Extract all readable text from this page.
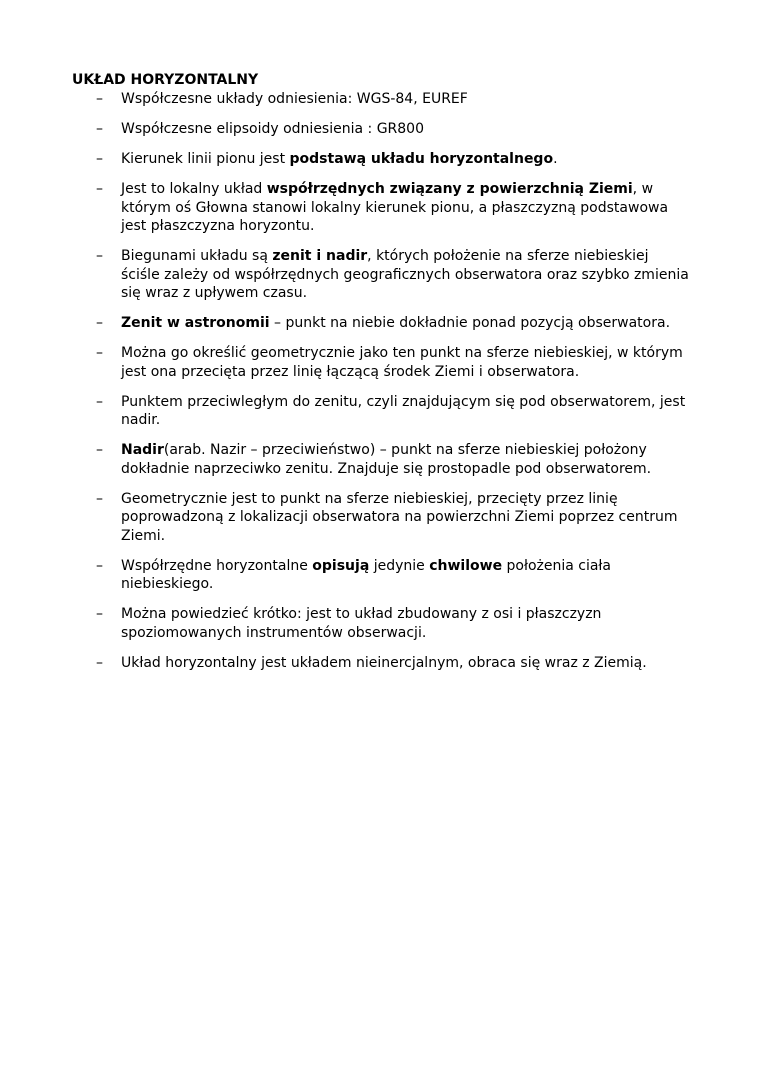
UKŁAD HORYZONTALNY
– Współczesne układy odniesienia: WGS-84, EUREF
– Współczesne elipsoidy odniesienia : GR800
– Kierunek linii pionu jest podstawą układu horyzontalnego.
– Jest to lokalny układ współrzędnych związany z powierzchnią Ziemi, w którym oś Głowna stanowi lokalny kierunek pionu, a płaszczyzną podstawowa jest płaszczyzna horyzontu.
– Biegunami układu są zenit i nadir, których położenie na sferze niebieskiej ściśle zależy od współrzędnych geograficznych obserwatora oraz szybko zmienia się wraz z upływem czasu.
– Zenit w astronomii – punkt na niebie dokładnie ponad pozycją obserwatora.
– Można go określić geometrycznie jako ten punkt na sferze niebieskiej, w którym jest ona przecięta przez linię łączącą środek Ziemi i obserwatora.
– Punktem przeciwległym do zenitu, czyli znajdującym się pod obserwatorem, jest nadir.
– Nadir(arab. Nazir – przeciwieństwo) – punkt na sferze niebieskiej położony dokładnie naprzeciwko zenitu. Znajduje się prostopadle pod obserwatorem.
– Geometrycznie jest to punkt na sferze niebieskiej, przecięty przez linię poprowadzoną z lokalizacji obserwatora na powierzchni Ziemi poprzez centrum Ziemi.
– Współrzędne horyzontalne opisują jedynie chwilowe położenia ciała niebieskiego.
– Można powiedzieć krótko: jest to układ zbudowany z osi i płaszczyzn spoziomowanych instrumentów obserwacji.
– Układ horyzontalny jest układem nieinercjalnym, obraca się wraz z Ziemią.
